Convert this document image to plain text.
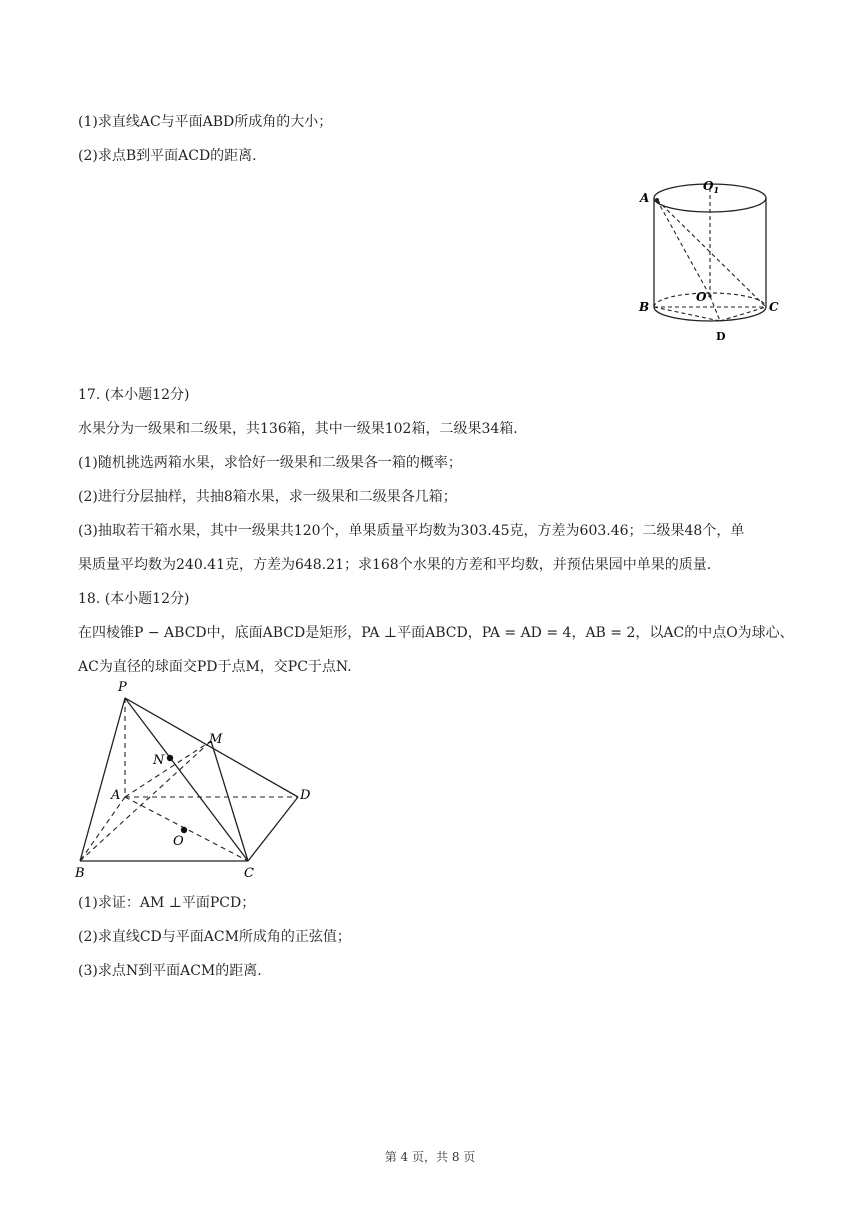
(1)求直线AC与平面ABD所成角的大小；
(2)求点B到平面ACD的距离.
A
$O_1$
O
B	C
D
17. (本小题12分)
水果分为一级果和二级果，共136箱，其中一级果102箱，二级果34箱.
(1)随机挑选两箱水果，求恰好一级果和二级果各一箱的概率；
(2)进行分层抽样，共抽8箱水果，求一级果和二级果各几箱；
(3)抽取若干箱水果，其中一级果共120个，单果质量平均数为303.45克，方差为603.46；二级果48个，单
果质量平均数为240.41克，方差为648.21；求168个水果的方差和平均数，并预估果园中单果的质量.
18. (本小题12分)
在四棱锥P − ABCD中，底面ABCD是矩形，PA ⊥平面ABCD，PA = AD = 4，AB = 2，以AC的中点O为球心、
AC为直径的球面交PD于点M，交PC于点N.
P
M
N
A	D
O
B	C
(1)求证：AM ⊥平面PCD；
(2)求直线CD与平面ACM所成角的正弦值；
(3)求点N到平面ACM的距离.
第 4 页，共 8 页
